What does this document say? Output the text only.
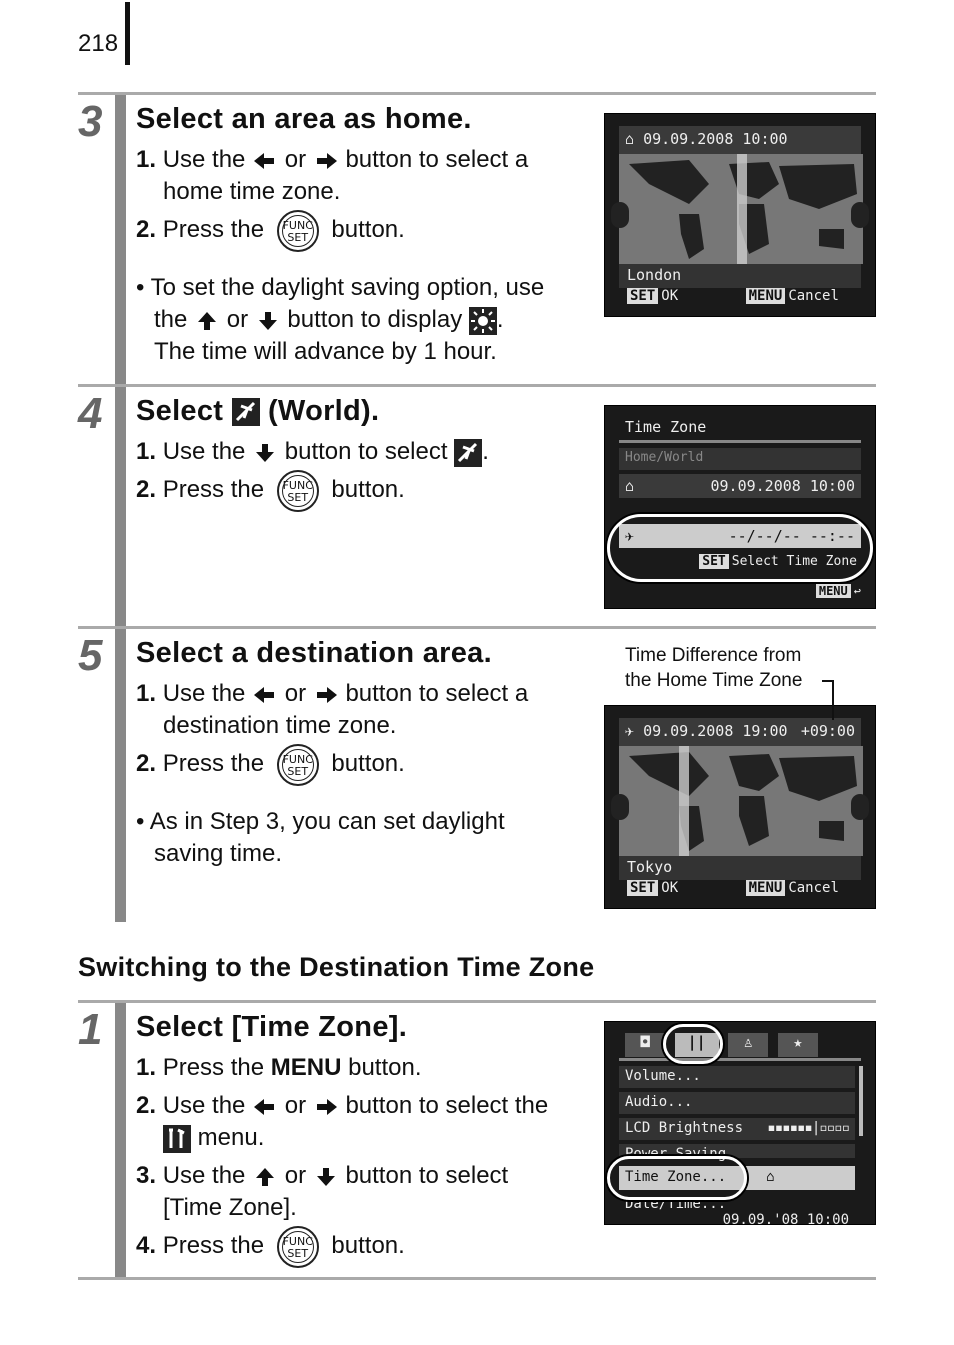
218
3 Select an area as home.
1. Use the or button to select a
home time zone.
2. Press the	FUNC
SET button.
• To set the daylight saving option, use
the or button to display .
The time will advance by 1 hour.
⌂ 09.09.2008 10:00
London
SET OK	MENU Cancel
4 Select (World).
1. Use the button to select .
2. Press the	FUNC
SET button.
Time Zone
Home/World
⌂	09.09.2008 10:00
✈	--/--/-- --:--
SET Select Time Zone
MENU ↩
5 Select a destination area.
1. Use the or button to select a
destination time zone.
2. Press the	FUNC
SET button.
• As in Step 3, you can set daylight
saving time.
✈ 09.09.2008 19:00 +09:00
Tokyo
SET OK	MENU Cancel
Time Difference from
the Home Time Zone
Switching to the Destination Time Zone
1 Select [Time Zone].
1. Press the MENU button.
2. Use the or button to select the
menu.
3. Use the or button to select
[Time Zone].
4. Press the	FUNC
SET button.
◘	||	♙	★
Volume...
Audio...
LCD Brightness ▪▪▪▪▪▪|▫▫▫▫
Power Saving
Time Zone...	⌂
Date/Time...
09.09.'08 10:00
